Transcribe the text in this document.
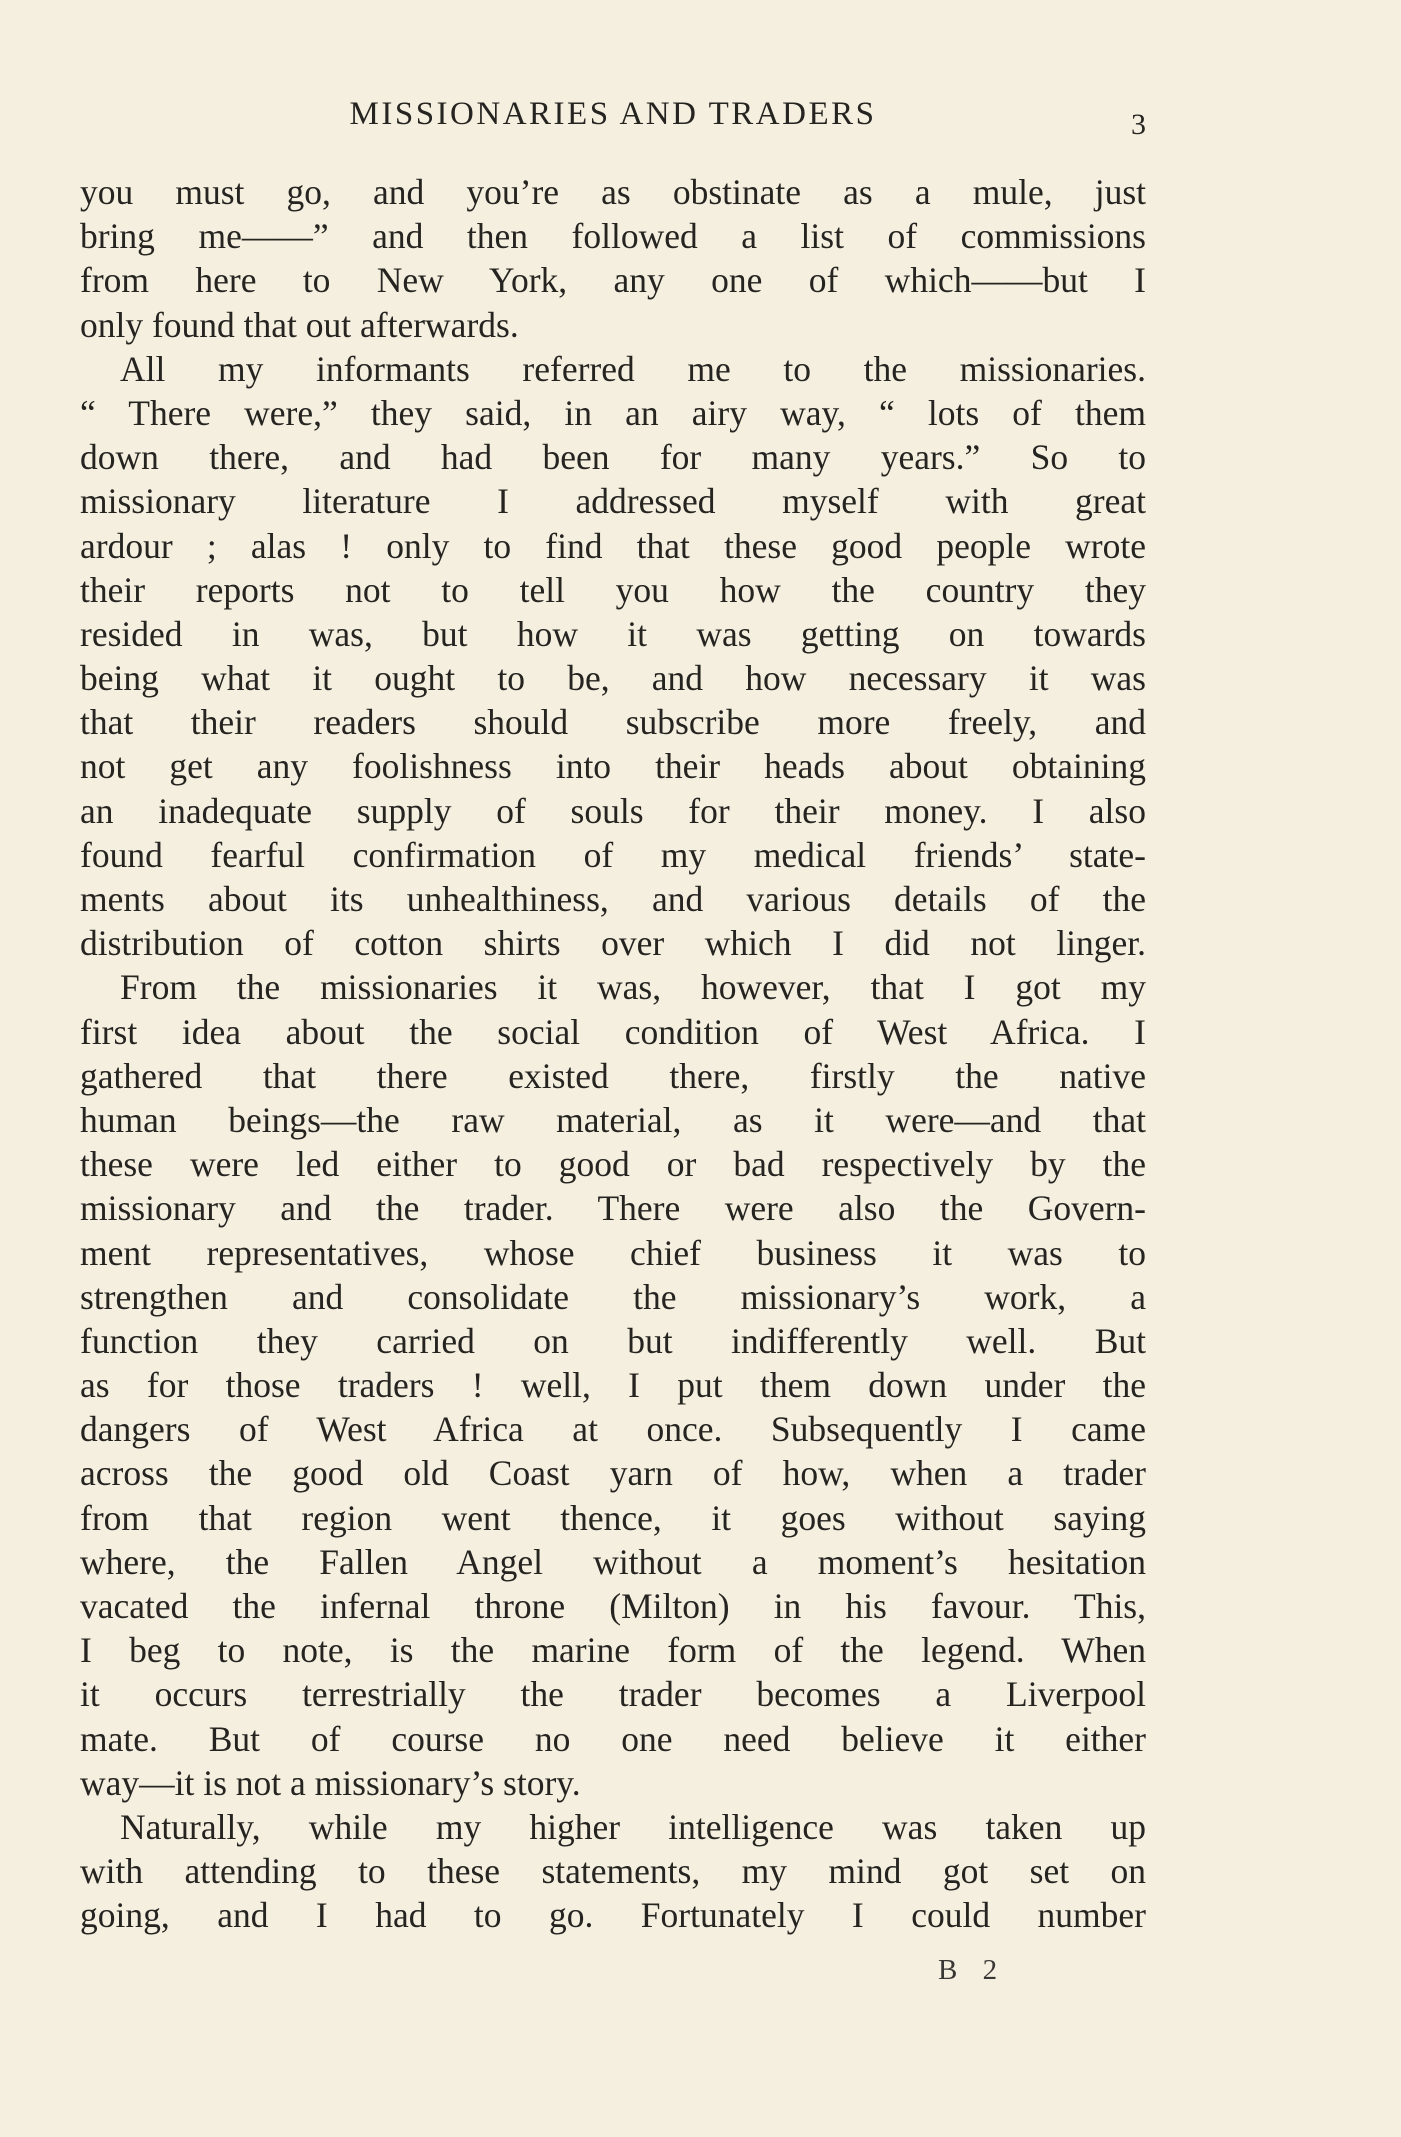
MISSIONARIES AND TRADERS	3
you must go, and you’re as obstinate as a mule, just
bring me——” and then followed a list of commissions
from here to New York, any one of which——but I
only found that out afterwards.
All my informants referred me to the missionaries.
“ There were,” they said, in an airy way, “ lots of them
down there, and had been for many years.” So to
missionary literature I addressed myself with great
ardour ; alas ! only to find that these good people wrote
their reports not to tell you how the country they
resided in was, but how it was getting on towards
being what it ought to be, and how necessary it was
that their readers should subscribe more freely, and
not get any foolishness into their heads about obtaining
an inadequate supply of souls for their money. I also
found fearful confirmation of my medical friends’ state-
ments about its unhealthiness, and various details of the
distribution of cotton shirts over which I did not linger.
From the missionaries it was, however, that I got my
first idea about the social condition of West Africa. I
gathered that there existed there, firstly the native
human beings—the raw material, as it were—and that
these were led either to good or bad respectively by the
missionary and the trader. There were also the Govern-
ment representatives, whose chief business it was to
strengthen and consolidate the missionary’s work, a
function they carried on but indifferently well. But
as for those traders ! well, I put them down under the
dangers of West Africa at once. Subsequently I came
across the good old Coast yarn of how, when a trader
from that region went thence, it goes without saying
where, the Fallen Angel without a moment’s hesitation
vacated the infernal throne (Milton) in his favour. This,
I beg to note, is the marine form of the legend. When
it occurs terrestrially the trader becomes a Liverpool
mate. But of course no one need believe it either
way—it is not a missionary’s story.
Naturally, while my higher intelligence was taken up
with attending to these statements, my mind got set on
going, and I had to go. Fortunately I could number
B 2
